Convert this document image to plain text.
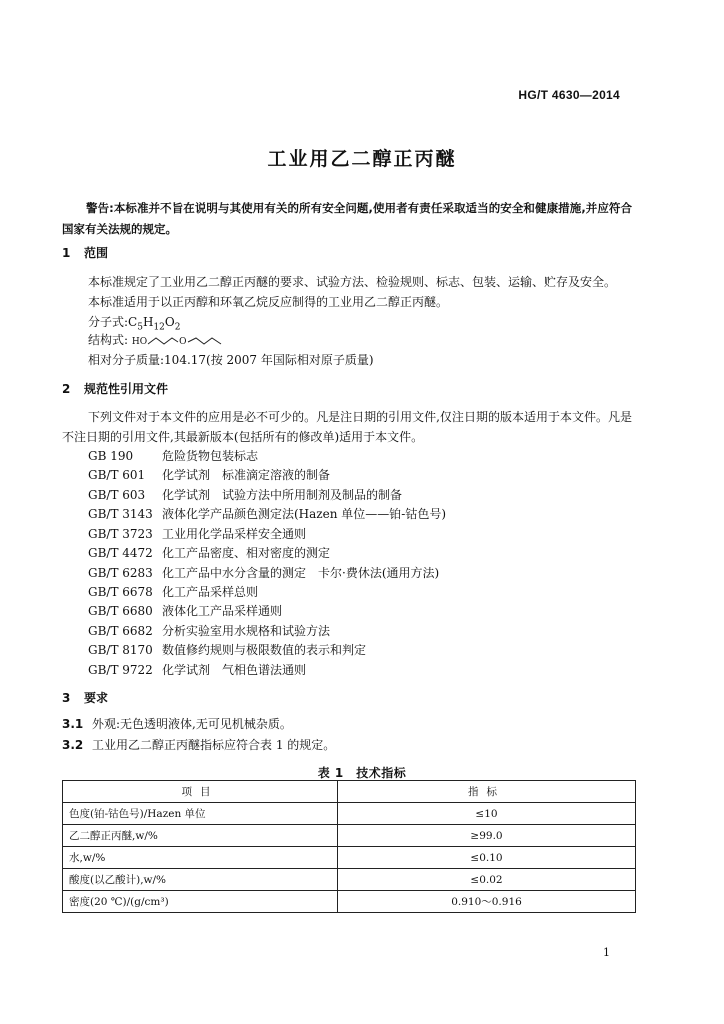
HG/T 4630—2014
工业用乙二醇正丙醚
警告:本标准并不旨在说明与其使用有关的所有安全问题,使用者有责任采取适当的安全和健康措施,并应符合国家有关法规的规定。
1 范围
本标准规定了工业用乙二醇正丙醚的要求、试验方法、检验规则、标志、包装、运输、贮存及安全。
本标准适用于以正丙醇和环氧乙烷反应制得的工业用乙二醇正丙醚。
分子式$:C_5H_{12}O_2$
结构式: HO	O
相对分子质量:104.17(按 2007 年国际相对原子质量)
2 规范性引用文件
下列文件对于本文件的应用是必不可少的。凡是注日期的引用文件,仅注日期的版本适用于本文件。凡是不注日期的引用文件,其最新版本(包括所有的修改单)适用于本文件。
GB 190 危险货物包装标志
GB/T 601 化学试剂　标准滴定溶液的制备
GB/T 603 化学试剂　试验方法中所用制剂及制品的制备
GB/T 3143 液体化学产品颜色测定法(Hazen 单位——铂-钴色号)
GB/T 3723 工业用化学品采样安全通则
GB/T 4472 化工产品密度、相对密度的测定
GB/T 6283 化工产品中水分含量的测定　卡尔·费休法(通用方法)
GB/T 6678 化工产品采样总则
GB/T 6680 液体化工产品采样通则
GB/T 6682 分析实验室用水规格和试验方法
GB/T 8170 数值修约规则与极限数值的表示和判定
GB/T 9722 化学试剂　气相色谱法通则
3 要求
3.1 外观:无色透明液体,无可见机械杂质。
3.2 工业用乙二醇正丙醚指标应符合表 1 的规定。
表 1　技术指标
项目	指标
色度(铂-钴色号)/Hazen 单位	≤10
乙二醇正丙醚,w/%	≥99.0
水,w/%	≤0.10
酸度(以乙酸计),w/%	≤0.02
密度(20 ℃)/(g/cm³)	0.910～0.916
1
